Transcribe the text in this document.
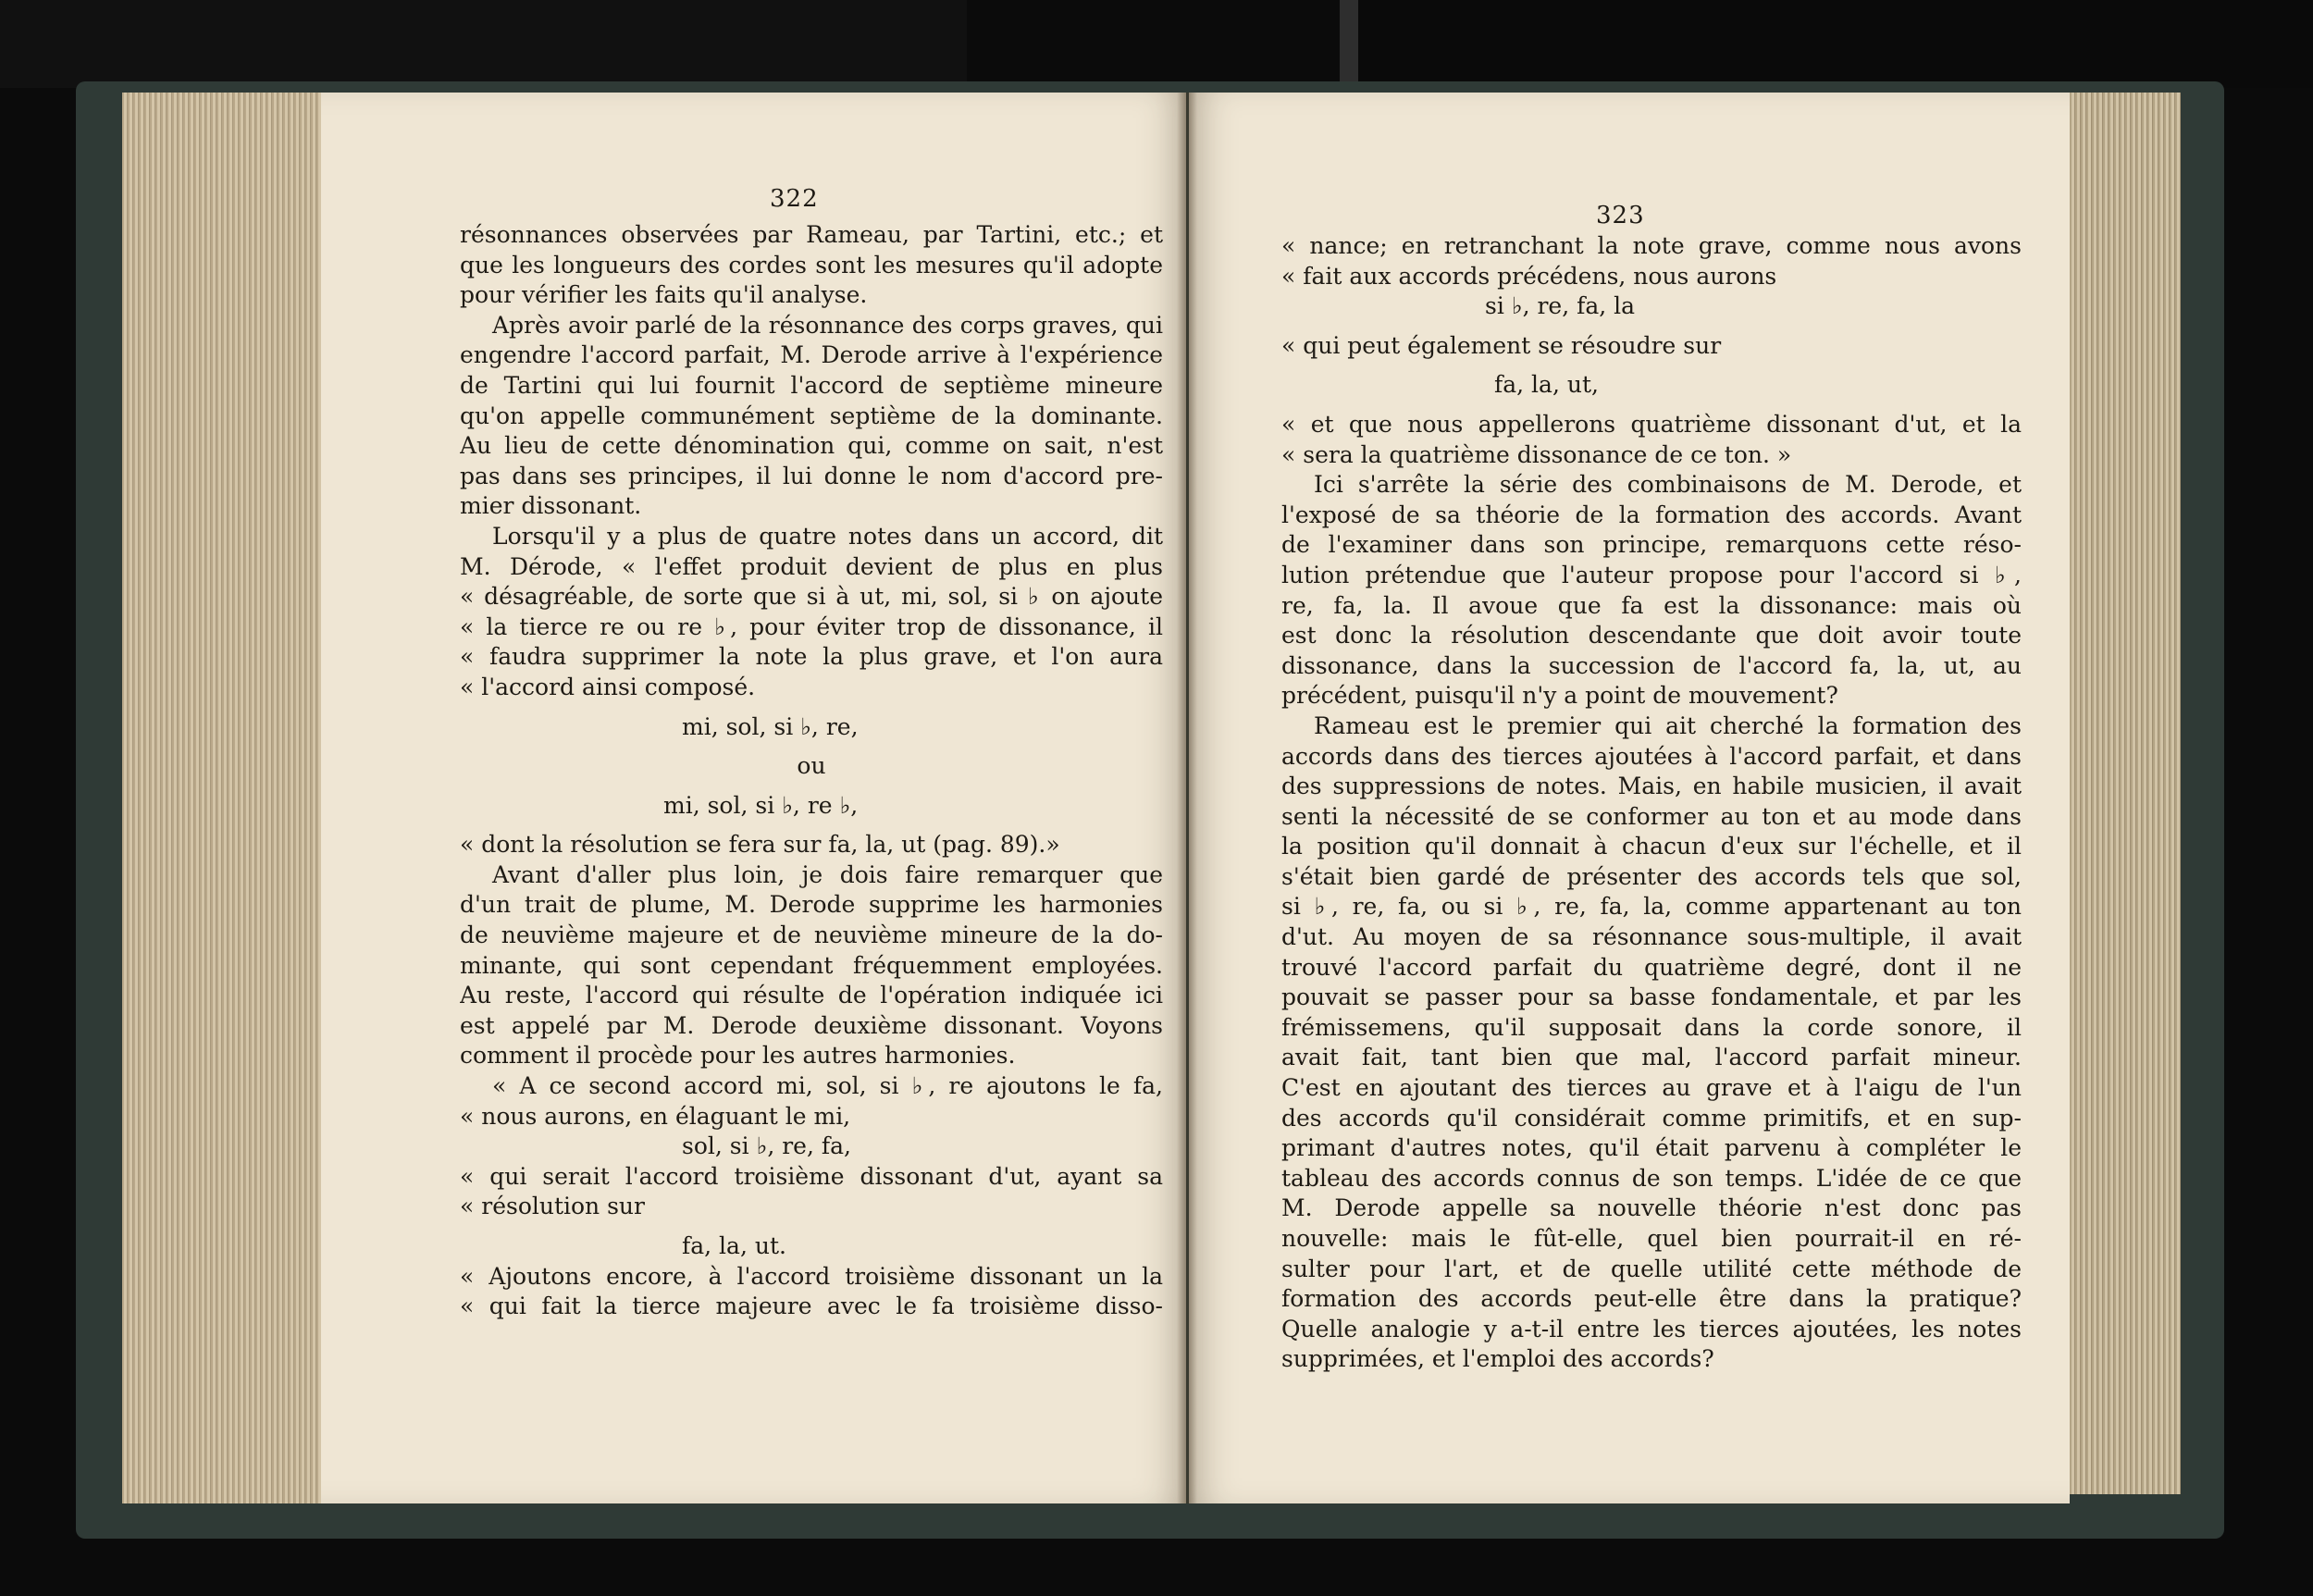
322
résonnances observées par Rameau, par Tartini, etc.; et
que les longueurs des cordes sont les mesures qu'il adopte
pour vérifier les faits qu'il analyse.
Après avoir parlé de la résonnance des corps graves, qui
engendre l'accord parfait, M. Derode arrive à l'expérience
de Tartini qui lui fournit l'accord de septième mineure
qu'on appelle communément septième de la dominante.
Au lieu de cette dénomination qui, comme on sait, n'est
pas dans ses principes, il lui donne le nom d'accord pre-
mier dissonant.
Lorsqu'il y a plus de quatre notes dans un accord, dit
M. Dérode, « l'effet produit devient de plus en plus
« désagréable, de sorte que si à ut, mi, sol, si ♭ on ajoute
« la tierce re ou re ♭, pour éviter trop de dissonance, il
« faudra supprimer la note la plus grave, et l'on aura
« l'accord ainsi composé.
mi, sol, si ♭, re,
ou
mi, sol, si ♭, re ♭,
« dont la résolution se fera sur fa, la, ut (pag. 89).»
Avant d'aller plus loin, je dois faire remarquer que
d'un trait de plume, M. Derode supprime les harmonies
de neuvième majeure et de neuvième mineure de la do-
minante, qui sont cependant fréquemment employées.
Au reste, l'accord qui résulte de l'opération indiquée ici
est appelé par M. Derode deuxième dissonant. Voyons
comment il procède pour les autres harmonies.
« A ce second accord mi, sol, si ♭, re ajoutons le fa,
« nous aurons, en élaguant le mi,
sol, si ♭, re, fa,
« qui serait l'accord troisième dissonant d'ut, ayant sa
« résolution sur
fa, la, ut.
« Ajoutons encore, à l'accord troisième dissonant un la
« qui fait la tierce majeure avec le fa troisième disso-
323
« nance; en retranchant la note grave, comme nous avons
« fait aux accords précédens, nous aurons
si ♭, re, fa, la
« qui peut également se résoudre sur
fa, la, ut,
« et que nous appellerons quatrième dissonant d'ut, et la
« sera la quatrième dissonance de ce ton. »
Ici s'arrête la série des combinaisons de M. Derode, et
l'exposé de sa théorie de la formation des accords. Avant
de l'examiner dans son principe, remarquons cette réso-
lution prétendue que l'auteur propose pour l'accord si ♭,
re, fa, la. Il avoue que fa est la dissonance: mais où
est donc la résolution descendante que doit avoir toute
dissonance, dans la succession de l'accord fa, la, ut, au
précédent, puisqu'il n'y a point de mouvement?
Rameau est le premier qui ait cherché la formation des
accords dans des tierces ajoutées à l'accord parfait, et dans
des suppressions de notes. Mais, en habile musicien, il avait
senti la nécessité de se conformer au ton et au mode dans
la position qu'il donnait à chacun d'eux sur l'échelle, et il
s'était bien gardé de présenter des accords tels que sol,
si ♭, re, fa, ou si ♭, re, fa, la, comme appartenant au ton
d'ut. Au moyen de sa résonnance sous-multiple, il avait
trouvé l'accord parfait du quatrième degré, dont il ne
pouvait se passer pour sa basse fondamentale, et par les
frémissemens, qu'il supposait dans la corde sonore, il
avait fait, tant bien que mal, l'accord parfait mineur.
C'est en ajoutant des tierces au grave et à l'aigu de l'un
des accords qu'il considérait comme primitifs, et en sup-
primant d'autres notes, qu'il était parvenu à compléter le
tableau des accords connus de son temps. L'idée de ce que
M. Derode appelle sa nouvelle théorie n'est donc pas
nouvelle: mais le fût-elle, quel bien pourrait-il en ré-
sulter pour l'art, et de quelle utilité cette méthode de
formation des accords peut-elle être dans la pratique?
Quelle analogie y a-t-il entre les tierces ajoutées, les notes
supprimées, et l'emploi des accords?
